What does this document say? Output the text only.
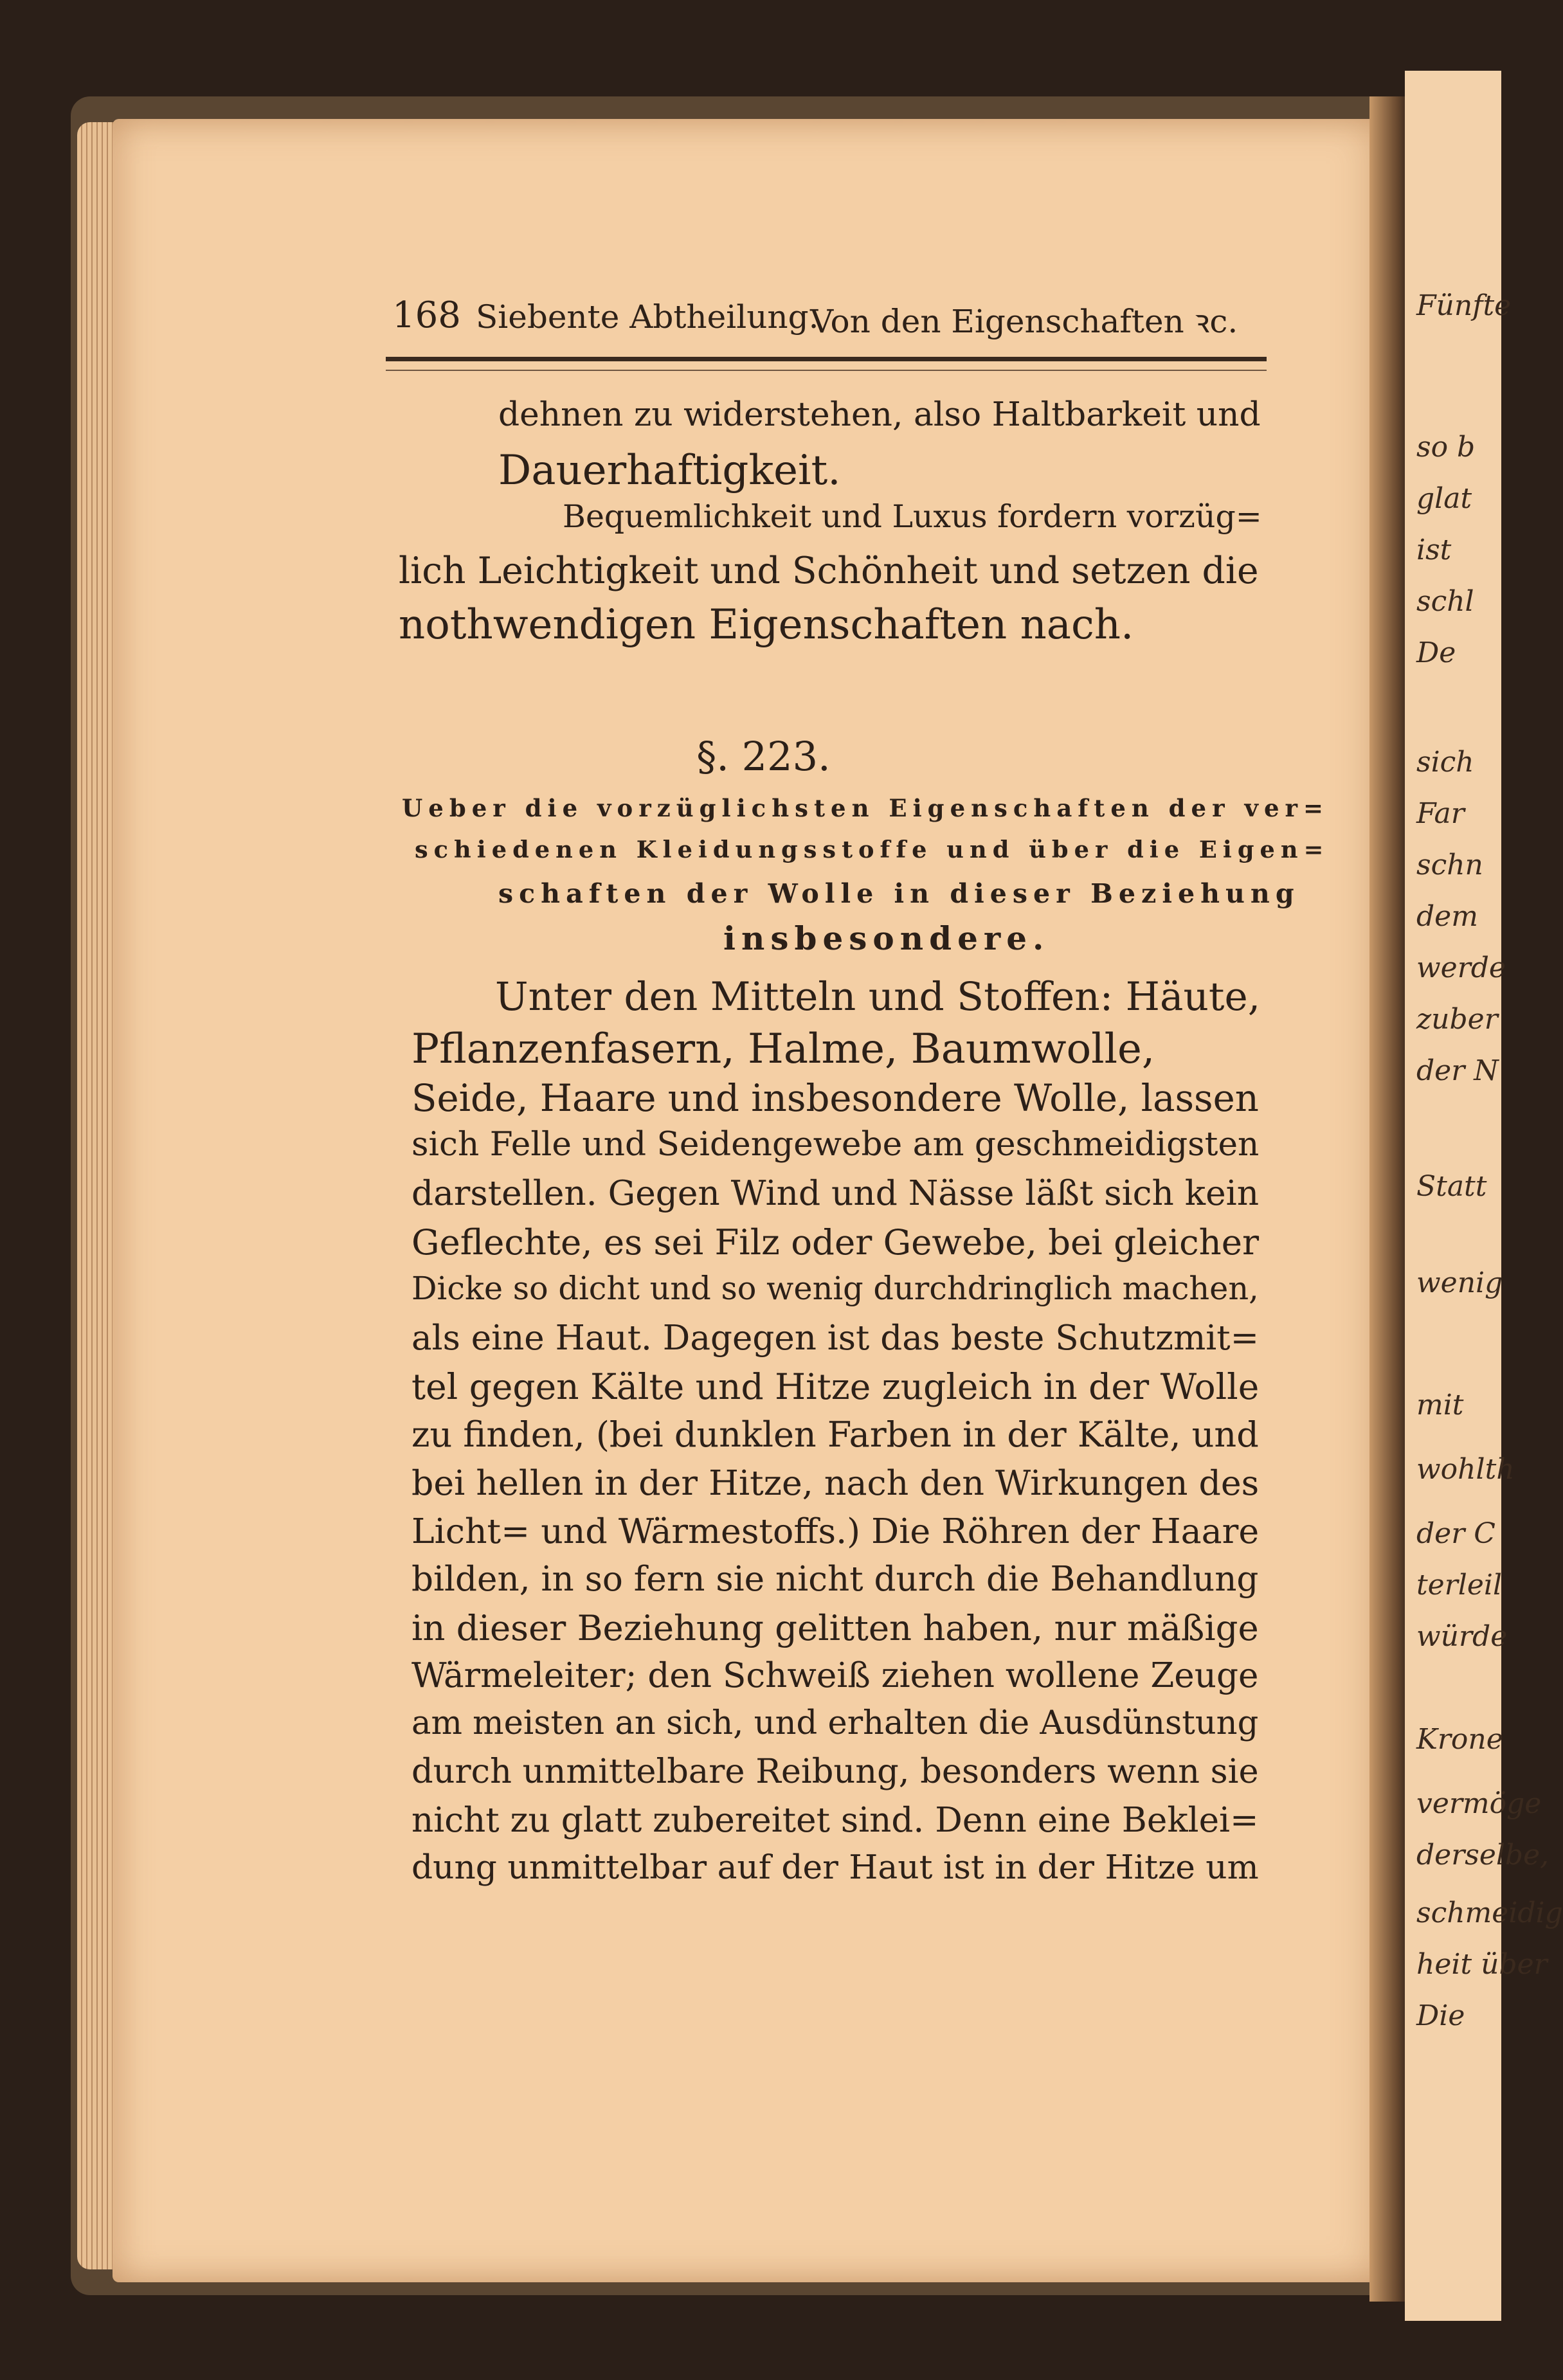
Fünfte
so b
glat
ist
schl
De
sich
Far
schn
dem
werde
zuber
der N
Statt
wenig
mit
wohlth
der C
terleil
würde
Krone
vermöge
derselbe,
schmeidig
heit über
Die
168 Siebente Abtheilung.
Von den Eigenschaften ꝛc.
dehnen zu widerstehen, also Haltbarkeit und
Dauerhaftigkeit.
Bequemlichkeit und Luxus fordern vorzüg=
lich Leichtigkeit und Schönheit und setzen die
nothwendigen Eigenschaften nach.
§. 223.
Ueber die vorzüglichsten Eigenschaften der ver=
schiedenen Kleidungsstoffe und über die Eigen=
schaften der Wolle in dieser Beziehung
insbesondere.
Unter den Mitteln und Stoffen: Häute,
Pflanzenfasern, Halme, Baumwolle,
Seide, Haare und insbesondere Wolle, lassen
sich Felle und Seidengewebe am geschmeidigsten
darstellen. Gegen Wind und Nässe läßt sich kein
Geflechte, es sei Filz oder Gewebe, bei gleicher
Dicke so dicht und so wenig durchdringlich machen,
als eine Haut. Dagegen ist das beste Schutzmit=
tel gegen Kälte und Hitze zugleich in der Wolle
zu finden, (bei dunklen Farben in der Kälte, und
bei hellen in der Hitze, nach den Wirkungen des
Licht= und Wärmestoffs.) Die Röhren der Haare
bilden, in so fern sie nicht durch die Behandlung
in dieser Beziehung gelitten haben, nur mäßige
Wärmeleiter; den Schweiß ziehen wollene Zeuge
am meisten an sich, und erhalten die Ausdünstung
durch unmittelbare Reibung, besonders wenn sie
nicht zu glatt zubereitet sind. Denn eine Beklei=
dung unmittelbar auf der Haut ist in der Hitze um
